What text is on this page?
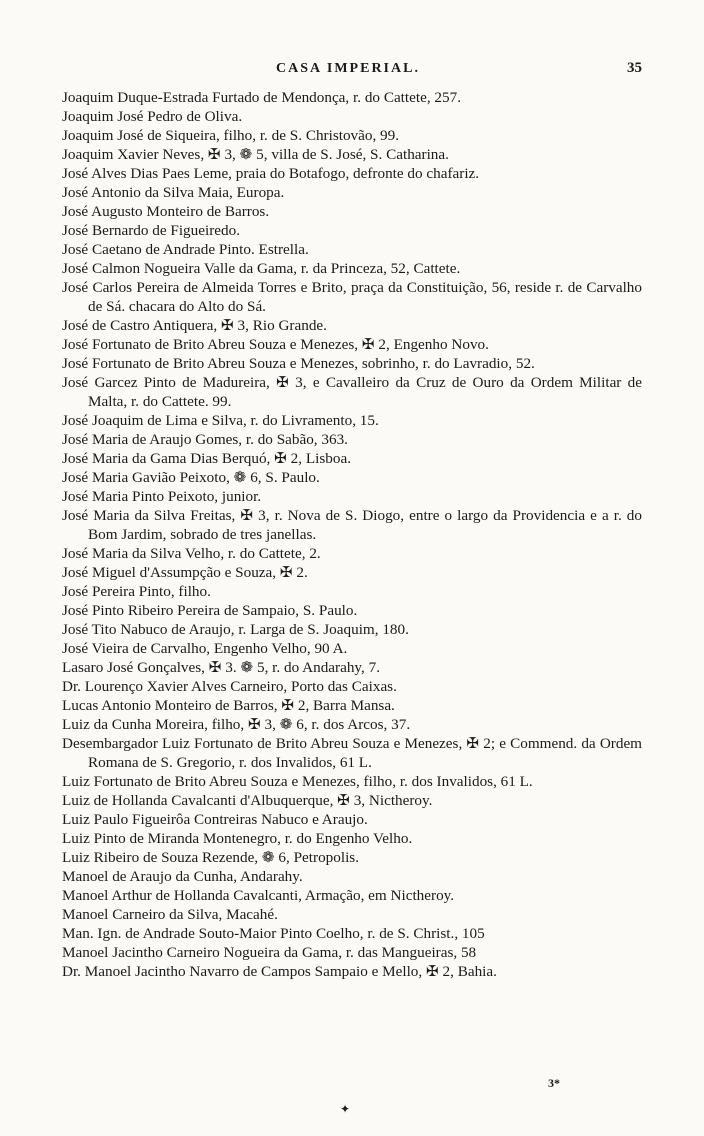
CASA IMPERIAL.	35
Joaquim Duque-Estrada Furtado de Mendonça, r. do Cattete, 257.
Joaquim José Pedro de Oliva.
Joaquim José de Siqueira, filho, r. de S. Christovão, 99.
Joaquim Xavier Neves, ✠ 3, ❁ 5, villa de S. José, S. Catharina.
José Alves Dias Paes Leme, praia do Botafogo, defronte do chafariz.
José Antonio da Silva Maia, Europa.
José Augusto Monteiro de Barros.
José Bernardo de Figueiredo.
José Caetano de Andrade Pinto. Estrella.
José Calmon Nogueira Valle da Gama, r. da Princeza, 52, Cattete.
José Carlos Pereira de Almeida Torres e Brito, praça da Constituição, 56, reside r. de Carvalho de Sá. chacara do Alto do Sá.
José de Castro Antiquera, ✠ 3, Rio Grande.
José Fortunato de Brito Abreu Souza e Menezes, ✠ 2, Engenho Novo.
José Fortunato de Brito Abreu Souza e Menezes, sobrinho, r. do Lavradio, 52.
José Garcez Pinto de Madureira, ✠ 3, e Cavalleiro da Cruz de Ouro da Ordem Militar de Malta, r. do Cattete. 99.
José Joaquim de Lima e Silva, r. do Livramento, 15.
José Maria de Araujo Gomes, r. do Sabão, 363.
José Maria da Gama Dias Berquó, ✠ 2, Lisboa.
José Maria Gavião Peixoto, ❁ 6, S. Paulo.
José Maria Pinto Peixoto, junior.
José Maria da Silva Freitas, ✠ 3, r. Nova de S. Diogo, entre o largo da Providencia e a r. do Bom Jardim, sobrado de tres janellas.
José Maria da Silva Velho, r. do Cattete, 2.
José Miguel d'Assumpção e Souza, ✠ 2.
José Pereira Pinto, filho.
José Pinto Ribeiro Pereira de Sampaio, S. Paulo.
José Tito Nabuco de Araujo, r. Larga de S. Joaquim, 180.
José Vieira de Carvalho, Engenho Velho, 90 A.
Lasaro José Gonçalves, ✠ 3. ❁ 5, r. do Andarahy, 7.
Dr. Lourenço Xavier Alves Carneiro, Porto das Caixas.
Lucas Antonio Monteiro de Barros, ✠ 2, Barra Mansa.
Luiz da Cunha Moreira, filho, ✠ 3, ❁ 6, r. dos Arcos, 37.
Desembargador Luiz Fortunato de Brito Abreu Souza e Menezes, ✠ 2; e Commend. da Ordem Romana de S. Gregorio, r. dos Invalidos, 61 L.
Luiz Fortunato de Brito Abreu Souza e Menezes, filho, r. dos Invalidos, 61 L.
Luiz de Hollanda Cavalcanti d'Albuquerque, ✠ 3, Nictheroy.
Luiz Paulo Figueirôa Contreiras Nabuco e Araujo.
Luiz Pinto de Miranda Montenegro, r. do Engenho Velho.
Luiz Ribeiro de Souza Rezende, ❁ 6, Petropolis.
Manoel de Araujo da Cunha, Andarahy.
Manoel Arthur de Hollanda Cavalcanti, Armação, em Nictheroy.
Manoel Carneiro da Silva, Macahé.
Man. Ign. de Andrade Souto-Maior Pinto Coelho, r. de S. Christ., 105
Manoel Jacintho Carneiro Nogueira da Gama, r. das Mangueiras, 58
Dr. Manoel Jacintho Navarro de Campos Sampaio e Mello, ✠ 2, Bahia.
3*
✦
